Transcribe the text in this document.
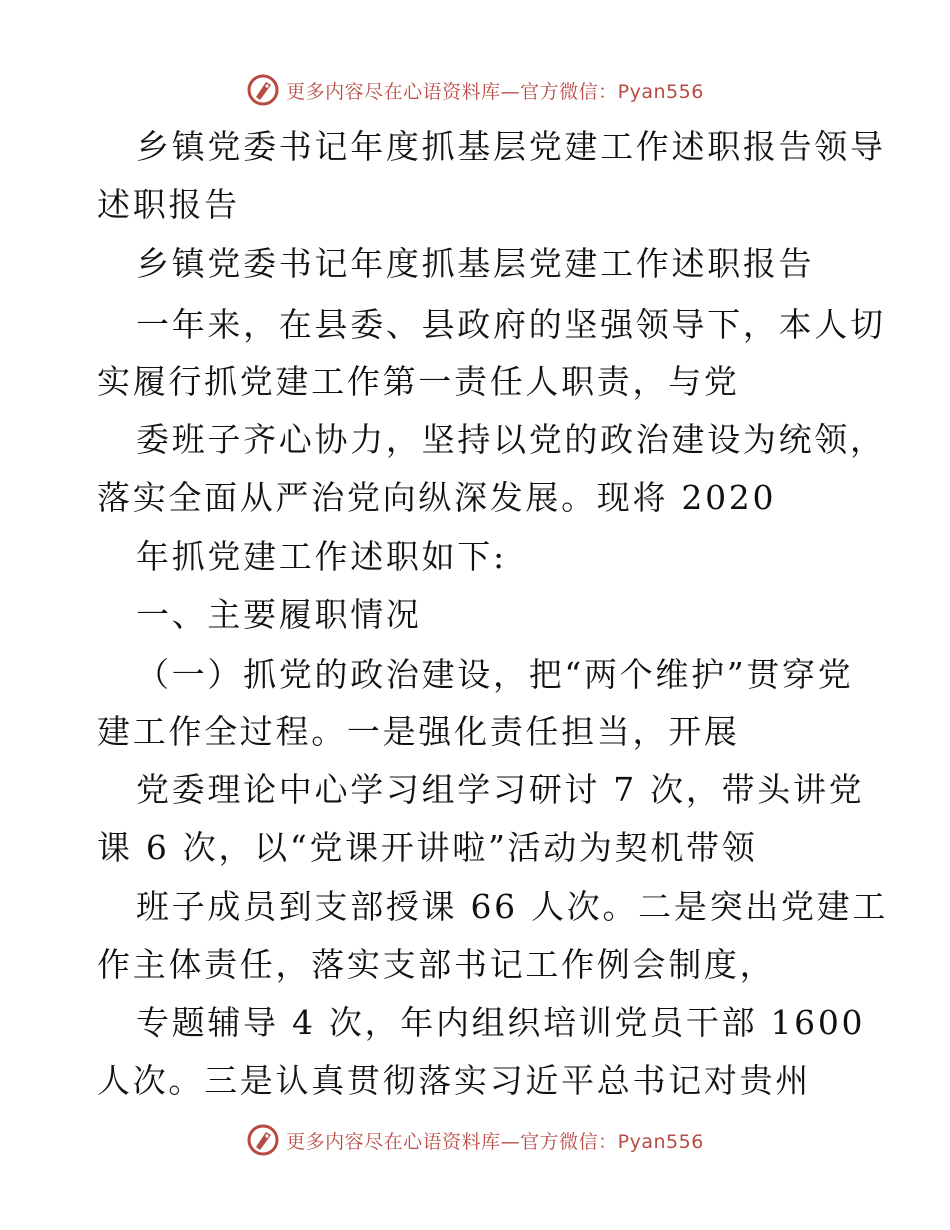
更多内容尽在心语资料库—官方微信：Pyan556
乡镇党委书记年度抓基层党建工作述职报告领导
述职报告
乡镇党委书记年度抓基层党建工作述职报告
一年来，在县委、县政府的坚强领导下，本人切
实履行抓党建工作第一责任人职责，与党
委班子齐心协力，坚持以党的政治建设为统领，
落实全面从严治党向纵深发展。现将 2020
年抓党建工作述职如下:
一、主要履职情况
（一）抓党的政治建设，把“两个维护”贯穿党
建工作全过程。一是强化责任担当，开展
党委理论中心学习组学习研讨 7 次，带头讲党
课 6 次，以“党课开讲啦”活动为契机带领
班子成员到支部授课 66 人次。二是突出党建工
作主体责任，落实支部书记工作例会制度，
专题辅导 4 次，年内组织培训党员干部 1600
人次。三是认真贯彻落实习近平总书记对贵州
更多内容尽在心语资料库—官方微信：Pyan556
